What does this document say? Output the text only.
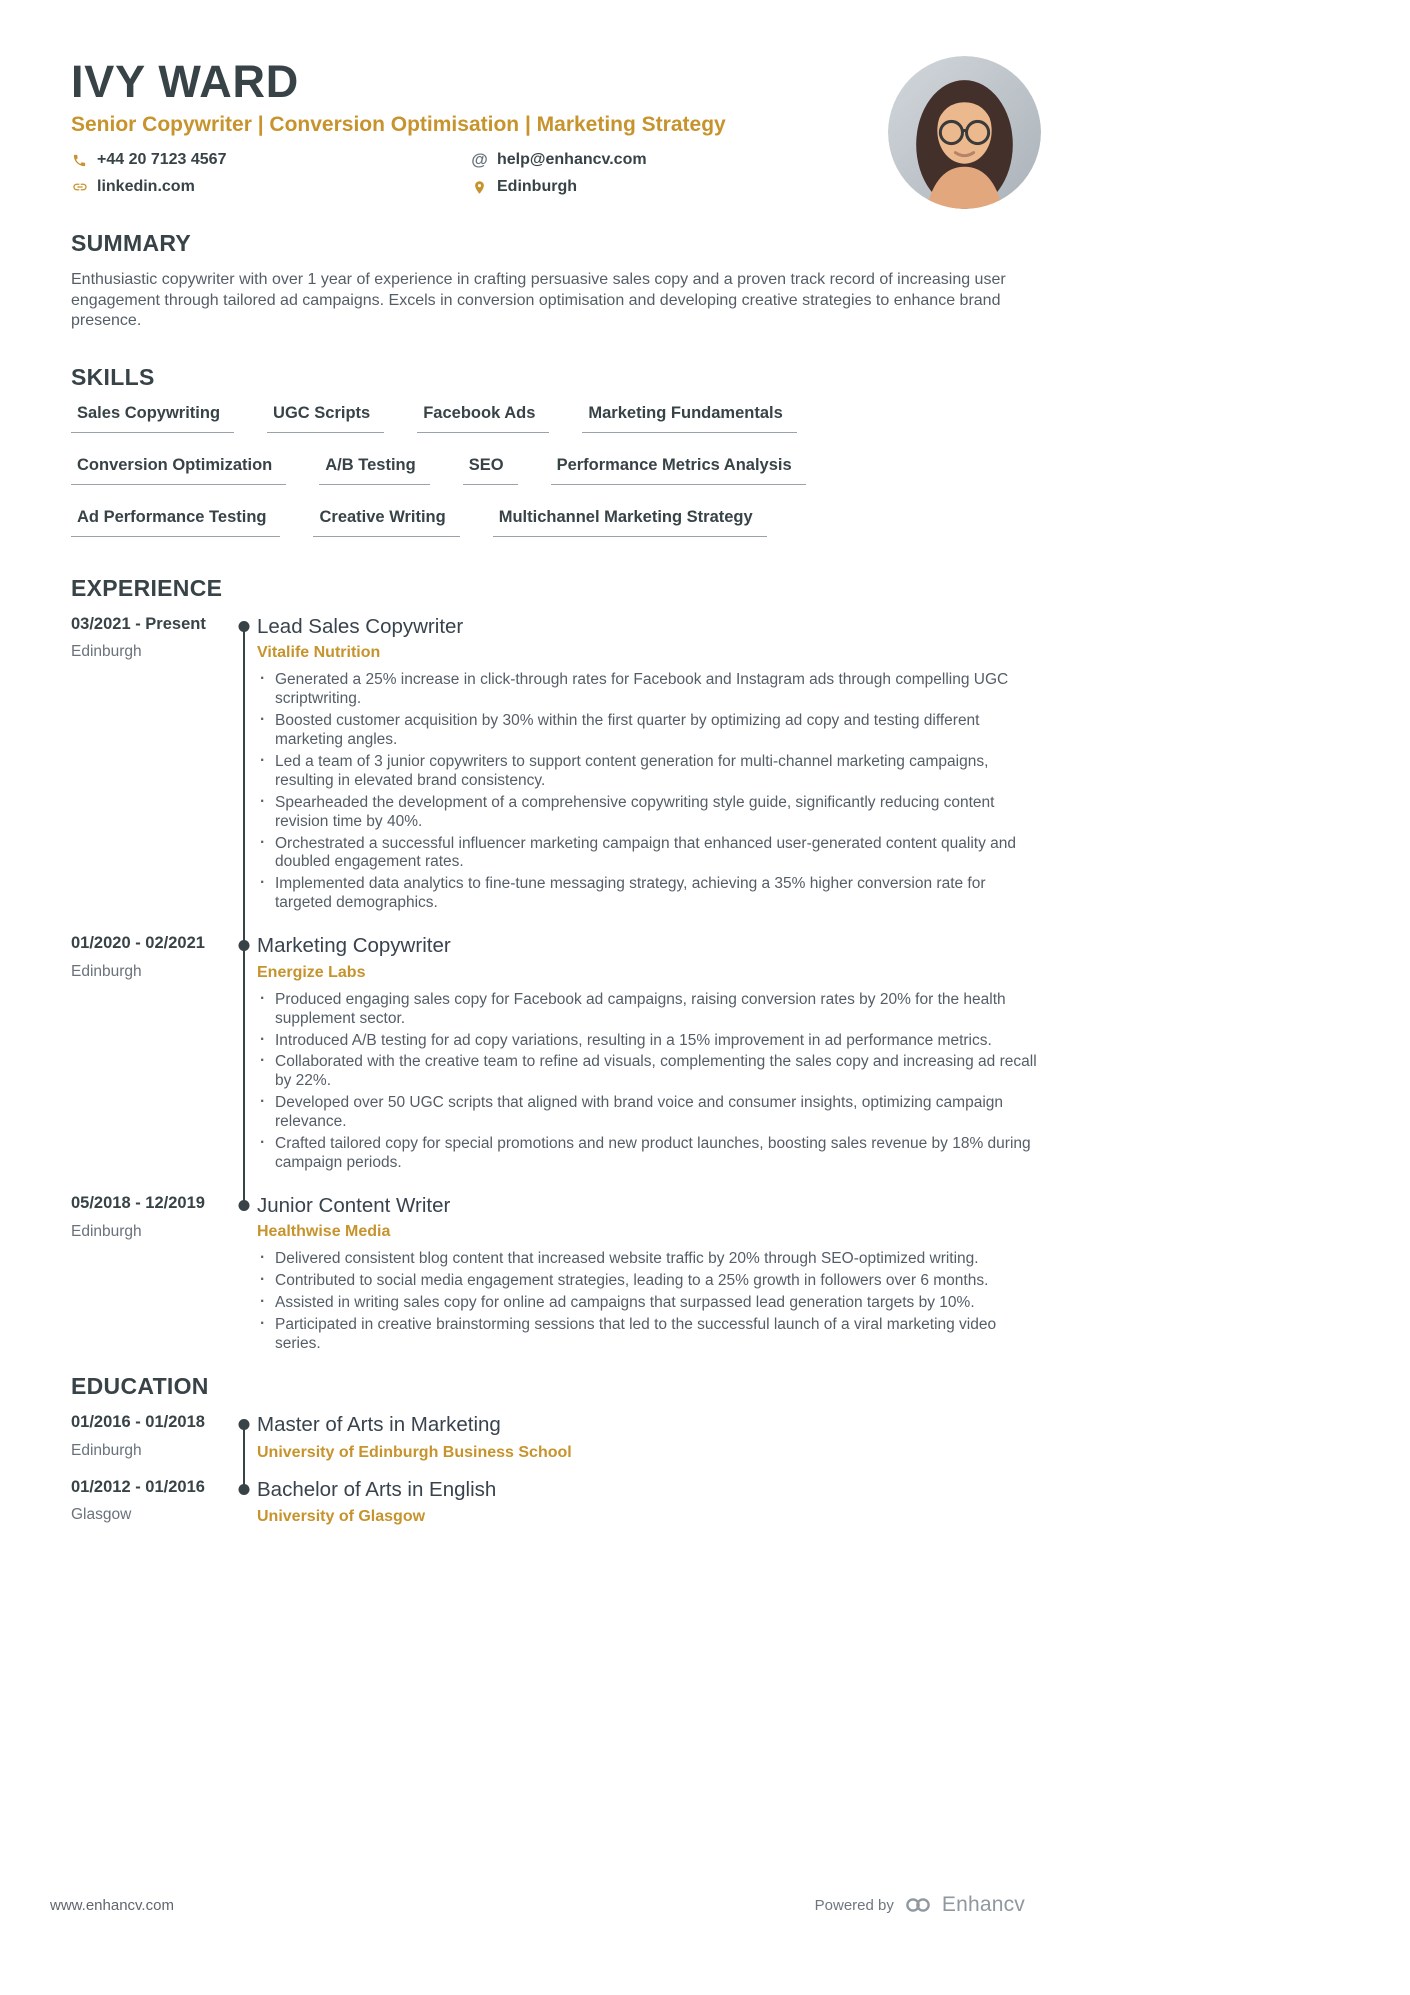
IVY WARD
Senior Copywriter | Conversion Optimisation | Marketing Strategy
+44 20 7123 4567	@ help@enhancv.com
linkedin.com	Edinburgh
SUMMARY

Enthusiastic copywriter with over 1 year of experience in crafting persuasive sales copy and a proven track record of increasing user engagement through tailored ad campaigns. Excels in conversion optimisation and developing creative strategies to enhance brand presence.

SKILLS
Sales Copywriting	UGC Scripts	Facebook Ads	Marketing Fundamentals
Conversion Optimization	A/B Testing	SEO	Performance Metrics Analysis
Ad Performance Testing	Creative Writing	Multichannel Marketing Strategy
EXPERIENCE
03/2021 - Present
Edinburgh
Lead Sales Copywriter
Vitalife Nutrition
· Generated a 25% increase in click-through rates for Facebook and Instagram ads through compelling UGC scriptwriting.
· Boosted customer acquisition by 30% within the first quarter by optimizing ad copy and testing different marketing angles.
· Led a team of 3 junior copywriters to support content generation for multi-channel marketing campaigns, resulting in elevated brand consistency.
· Spearheaded the development of a comprehensive copywriting style guide, significantly reducing content revision time by 40%.
· Orchestrated a successful influencer marketing campaign that enhanced user-generated content quality and doubled engagement rates.
· Implemented data analytics to fine-tune messaging strategy, achieving a 35% higher conversion rate for targeted demographics.
01/2020 - 02/2021
Edinburgh
Marketing Copywriter
Energize Labs
· Produced engaging sales copy for Facebook ad campaigns, raising conversion rates by 20% for the health supplement sector.
· Introduced A/B testing for ad copy variations, resulting in a 15% improvement in ad performance metrics.
· Collaborated with the creative team to refine ad visuals, complementing the sales copy and increasing ad recall by 22%.
· Developed over 50 UGC scripts that aligned with brand voice and consumer insights, optimizing campaign relevance.
· Crafted tailored copy for special promotions and new product launches, boosting sales revenue by 18% during campaign periods.
05/2018 - 12/2019
Edinburgh
Junior Content Writer
Healthwise Media
· Delivered consistent blog content that increased website traffic by 20% through SEO-optimized writing.
· Contributed to social media engagement strategies, leading to a 25% growth in followers over 6 months.
· Assisted in writing sales copy for online ad campaigns that surpassed lead generation targets by 10%.
· Participated in creative brainstorming sessions that led to the successful launch of a viral marketing video series.
EDUCATION
01/2016 - 01/2018
Edinburgh
Master of Arts in Marketing
University of Edinburgh Business School
01/2012 - 01/2016
Glasgow
Bachelor of Arts in English
University of Glasgow
www.enhancv.com	Powered by Enhancv
